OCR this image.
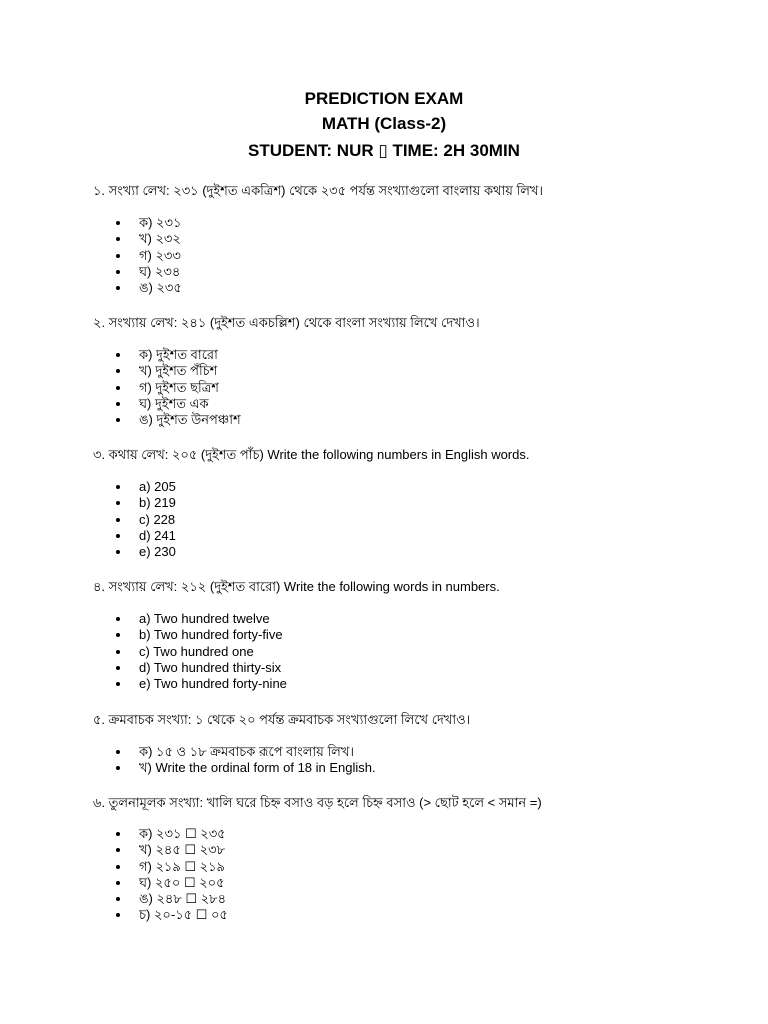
PREDICTION EXAM
MATH (Class-2)
STUDENT: NUR ▯ TIME: 2H 30MIN
১. সংখ্যা লেখ: ২৩১ (দুইশত একত্রিশ) থেকে ২৩৫ পর্যন্ত সংখ্যাগুলো বাংলায় কথায় লিখ।
ক) ২৩১
খ) ২৩২
গ) ২৩৩
ঘ) ২৩৪
ঙ) ২৩৫
২. সংখ্যায় লেখ: ২৪১ (দুইশত একচল্লিশ) থেকে বাংলা সংখ্যায় লিখে দেখাও।
ক) দুইশত বারো
খ) দুইশত পঁচিশ
গ) দুইশত ছত্রিশ
ঘ) দুইশত এক
ঙ) দুইশত উনপঞ্চাশ
৩. কথায় লেখ: ২০৫ (দুইশত পাঁচ) Write the following numbers in English words.
a) 205
b) 219
c) 228
d) 241
e) 230
৪. সংখ্যায় লেখ: ২১২ (দুইশত বারো) Write the following words in numbers.
a) Two hundred twelve
b) Two hundred forty-five
c) Two hundred one
d) Two hundred thirty-six
e) Two hundred forty-nine
৫. ক্রমবাচক সংখ্যা: ১ থেকে ২০ পর্যন্ত ক্রমবাচক সংখ্যাগুলো লিখে দেখাও।
ক) ১৫ ও ১৮ ক্রমবাচক রূপে বাংলায় লিখ।
খ) Write the ordinal form of 18 in English.
৬. তুলনামূলক সংখ্যা: খালি ঘরে চিহ্ন বসাও বড় হলে চিহ্ন বসাও (> ছোট হলে < সমান =)
ক) ২৩১ ☐ ২৩৫
খ) ২৪৫ ☐ ২৩৮
গ) ২১৯ ☐ ২১৯
ঘ) ২৫০ ☐ ২০৫
ঙ) ২৪৮ ☐ ২৮৪
চ) ২০-১৫ ☐ ০৫
